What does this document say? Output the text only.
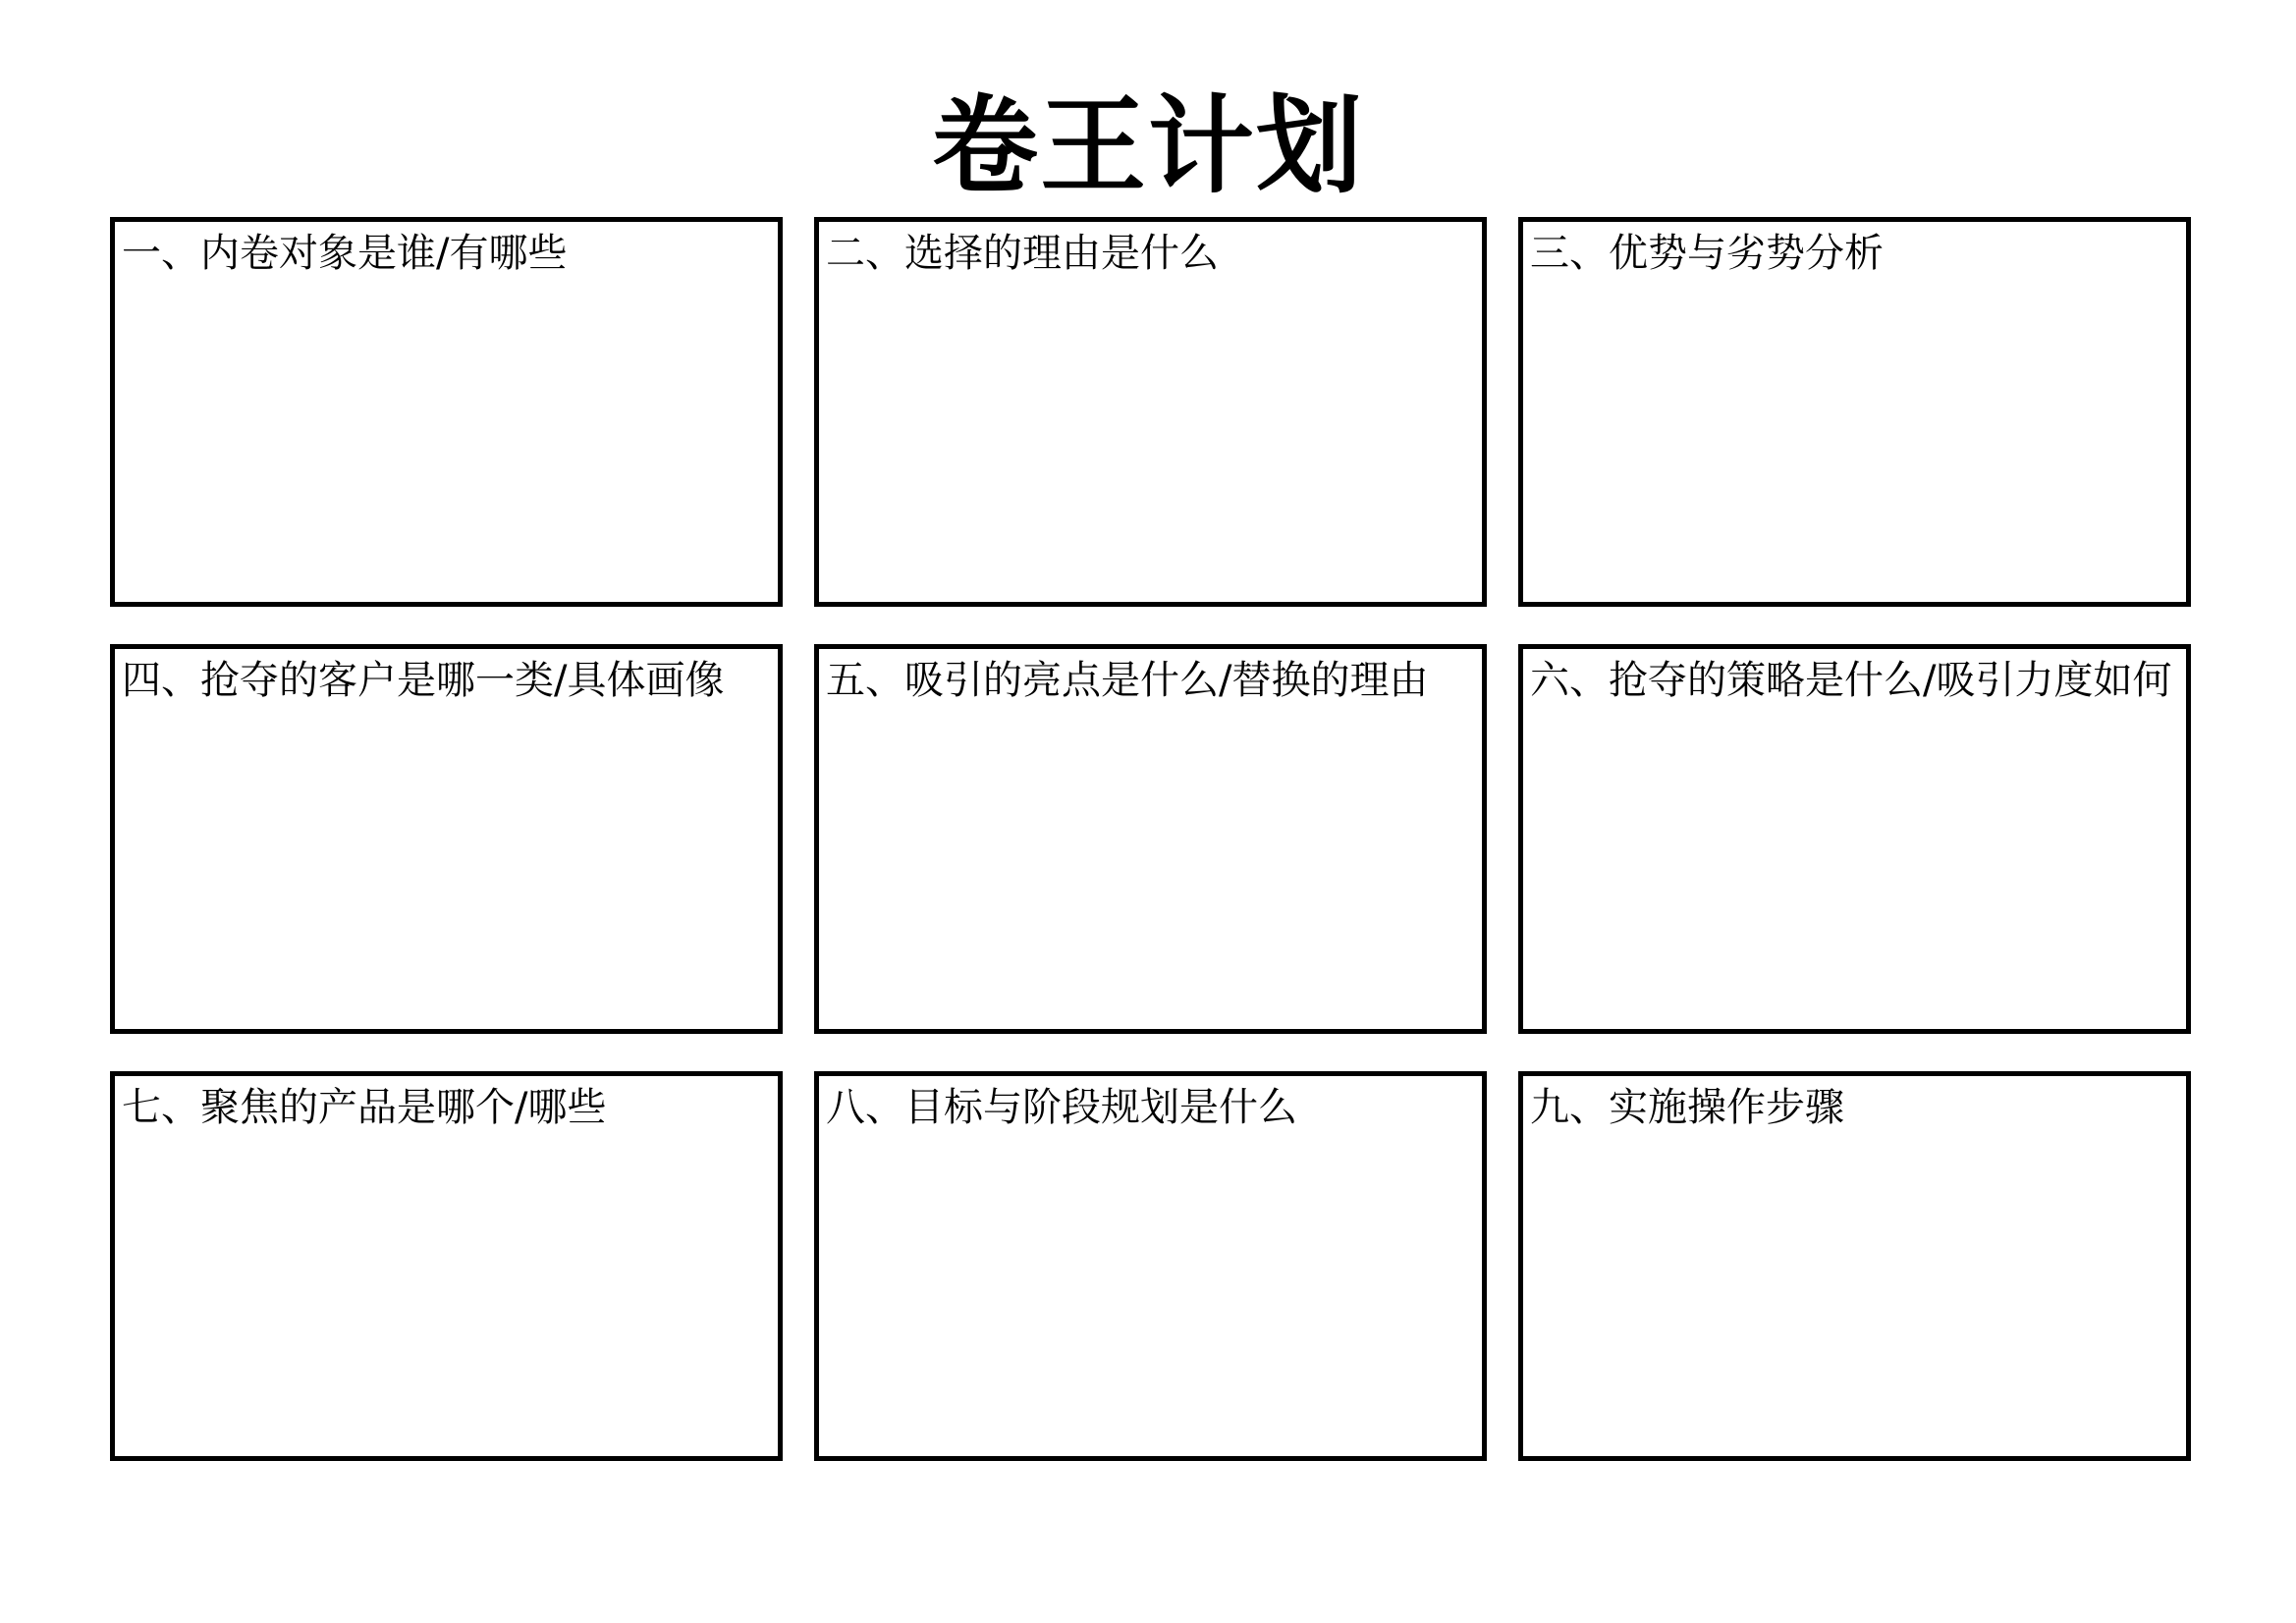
卷王计划
一、内卷对象是谁/有哪些	二、选择的理由是什么	三、优势与劣势分析
四、抢夺的客户是哪一类/具体画像	五、吸引的亮点是什么/替换的理由	六、抢夺的策略是什么/吸引力度如何
七、聚焦的产品是哪个/哪些	八、目标与阶段规划是什么	九、实施操作步骤
